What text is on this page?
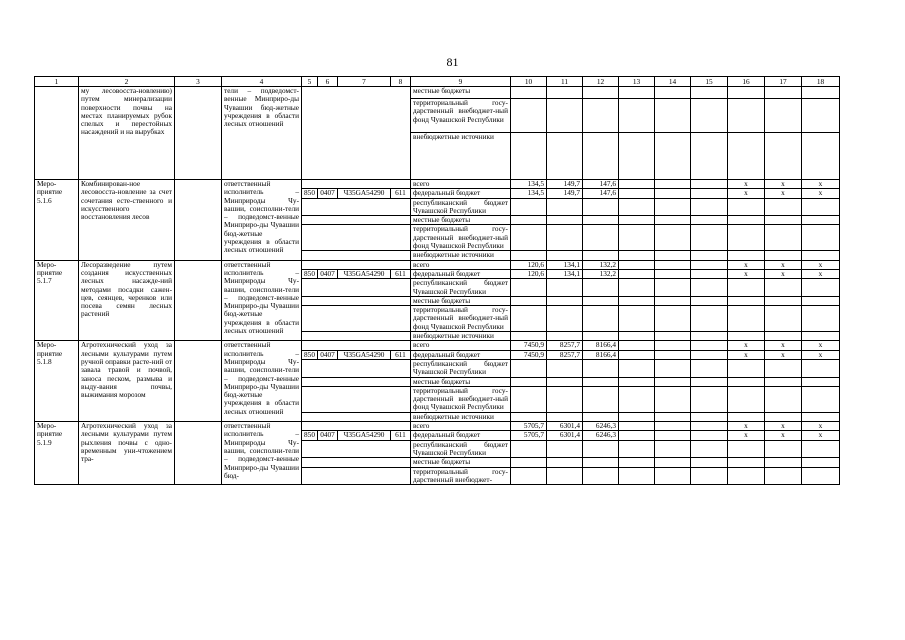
81
1	2	3	4	5	6	7	8	9	10	11	12	13	14	15	16	17	18
	му лесовосста-новлению) путем минерализации поверхности почвы на местах планируемых рубок спелых и перестойных насаждений и на вырубках		тели – подведомст-венные Минприро-ды Чувашии бюд-жетные учреждения в области лесных отношений					местные бюджеты									
								территориальный госу-дарственный внебюджет-ный фонд Чувашской Республики									
								внебюджетные источники									
Меро-приятие 5.1.6	Комбинирован-ное лесовосста-новление за счет сочетания есте-ственного и искусственного восстановления лесов		ответственный исполнитель – Минприроды Чу-вашии, соисполни-тели – подведомст-венные Минприро-ды Чувашии бюд-жетные учреждения в области лесных отношений					всего	134,5	149,7	147,6				x	x	x
				850	0407	Ч35GA54290	611	федеральный бюджет	134,5	149,7	147,6				x	x	x
								республиканский бюджет Чувашской Республики									
								местные бюджеты									
								территориальный госу-дарственный внебюджет-ный фонд Чувашской Республики									
								внебюджетные источники									
Меро-приятие 5.1.7	Лесоразведение путем создания искусственных лесных насажде-ний методами посадки сажен-цев, сеянцев, черенков или посева семян лесных растений		ответственный исполнитель – Минприроды Чу-вашии, соисполни-тели – подведомст-венные Минприро-ды Чувашии бюд-жетные учреждения в области лесных отношений					всего	120,6	134,1	132,2				x	x	x
				850	0407	Ч35GA54290	611	федеральный бюджет	120,6	134,1	132,2				x	x	x
								республиканский бюджет Чувашской Республики									
								местные бюджеты									
								территориальный госу-дарственный внебюджет-ный фонд Чувашской Республики									
								внебюджетные источники									
Меро-приятие 5.1.8	Агротехнический уход за лесными культурами путем ручной оправки расте-ний от завала травой и почвой, заноса песком, размыва и выду-вания почвы, выжимания морозом		ответственный исполнитель – Минприроды Чу-вашии, соисполни-тели – подведомст-венные Минприро-ды Чувашии бюд-жетные учреждения в области лесных отношений					всего	7450,9	8257,7	8166,4				x	x	x
				850	0407	Ч35GA54290	611	федеральный бюджет	7450,9	8257,7	8166,4				x	x	x
								республиканский бюджет Чувашской Республики									
								местные бюджеты									
								территориальный госу-дарственный внебюджет-ный фонд Чувашской Республики									
								внебюджетные источники									
Меро-приятие 5.1.9	Агротехнический уход за лесными культурами путем рыхления почвы с одно-временным уни-чтожением тра-		ответственный исполнитель – Минприроды Чу-вашии, соисполни-тели – подведомст-венные Минприро-ды Чувашии бюд-					всего	5705,7	6301,4	6246,3				x	x	x
				850	0407	Ч35GA54290	611	федеральный бюджет	5705,7	6301,4	6246,3				x	x	x
								республиканский бюджет Чувашской Республики									
								местные бюджеты									
								территориальный госу-дарственный внебюджет-									
